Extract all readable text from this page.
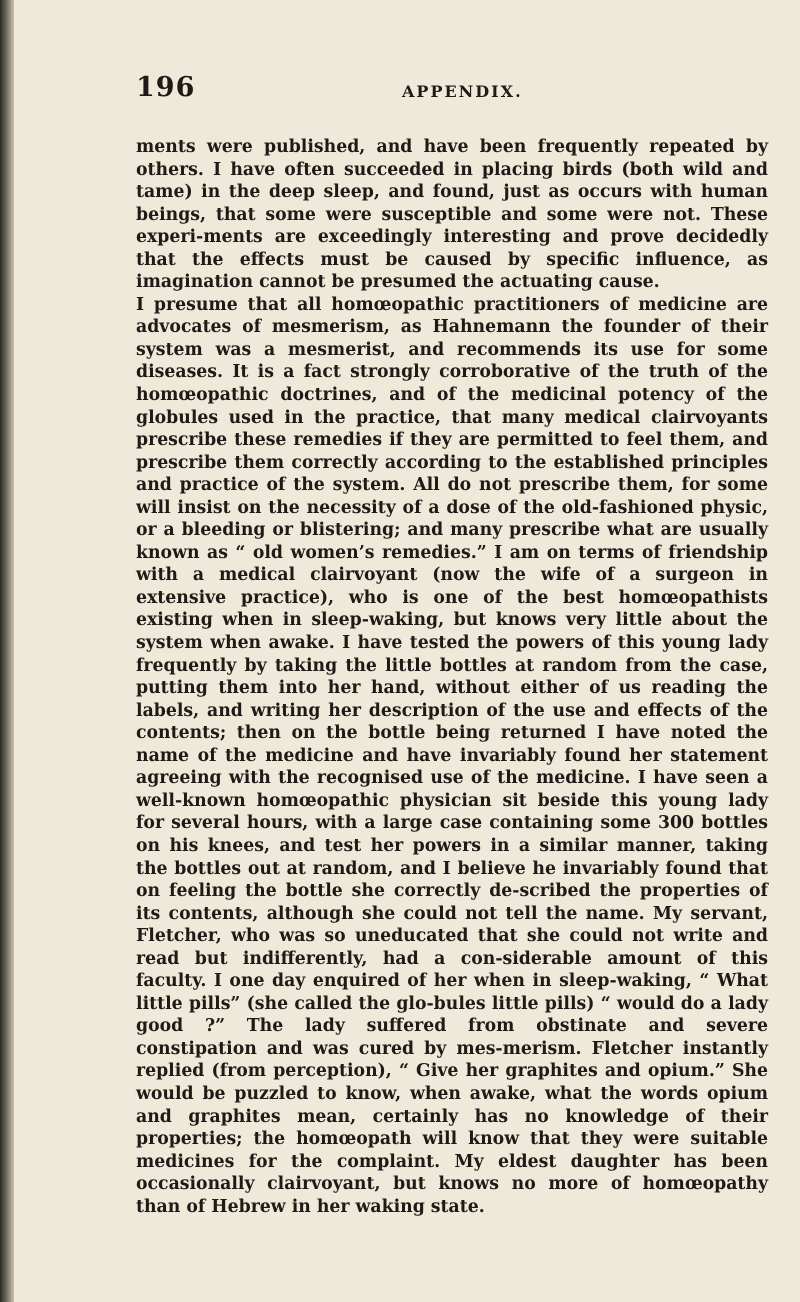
196	APPENDIX.

ments were published, and have been frequently repeated by others. I have often succeeded in placing birds (both wild and tame) in the deep sleep, and found, just as occurs with human beings, that some were susceptible and some were not. These experi-ments are exceedingly interesting and prove decidedly that the effects must be caused by specific influence, as imagination cannot be presumed the actuating cause.

I presume that all homœopathic practitioners of medicine are advocates of mesmerism, as Hahnemann the founder of their system was a mesmerist, and recommends its use for some diseases. It is a fact strongly corroborative of the truth of the homœopathic doctrines, and of the medicinal potency of the globules used in the practice, that many medical clairvoyants prescribe these remedies if they are permitted to feel them, and prescribe them correctly according to the established principles and practice of the system. All do not prescribe them, for some will insist on the necessity of a dose of the old-fashioned physic, or a bleeding or blistering; and many prescribe what are usually known as “ old women’s remedies.” I am on terms of friendship with a medical clairvoyant (now the wife of a surgeon in extensive practice), who is one of the best homœopathists existing when in sleep-waking, but knows very little about the system when awake. I have tested the powers of this young lady frequently by taking the little bottles at random from the case, putting them into her hand, without either of us reading the labels, and writing her description of the use and effects of the contents; then on the bottle being returned I have noted the name of the medicine and have invariably found her statement agreeing with the recognised use of the medicine. I have seen a well-known homœopathic physician sit beside this young lady for several hours, with a large case containing some 300 bottles on his knees, and test her powers in a similar manner, taking the bottles out at random, and I believe he invariably found that on feeling the bottle she correctly de-scribed the properties of its contents, although she could not tell the name. My servant, Fletcher, who was so uneducated that she could not write and read but indifferently, had a con-siderable amount of this faculty. I one day enquired of her when in sleep-waking, “ What little pills” (she called the glo-bules little pills) “ would do a lady good ?” The lady suffered from obstinate and severe constipation and was cured by mes-merism. Fletcher instantly replied (from perception), “ Give her graphites and opium.” She would be puzzled to know, when awake, what the words opium and graphites mean, certainly has no knowledge of their properties; the homœopath will know that they were suitable medicines for the complaint. My eldest daughter has been occasionally clairvoyant, but knows no more of homœopathy than of Hebrew in her waking state.
